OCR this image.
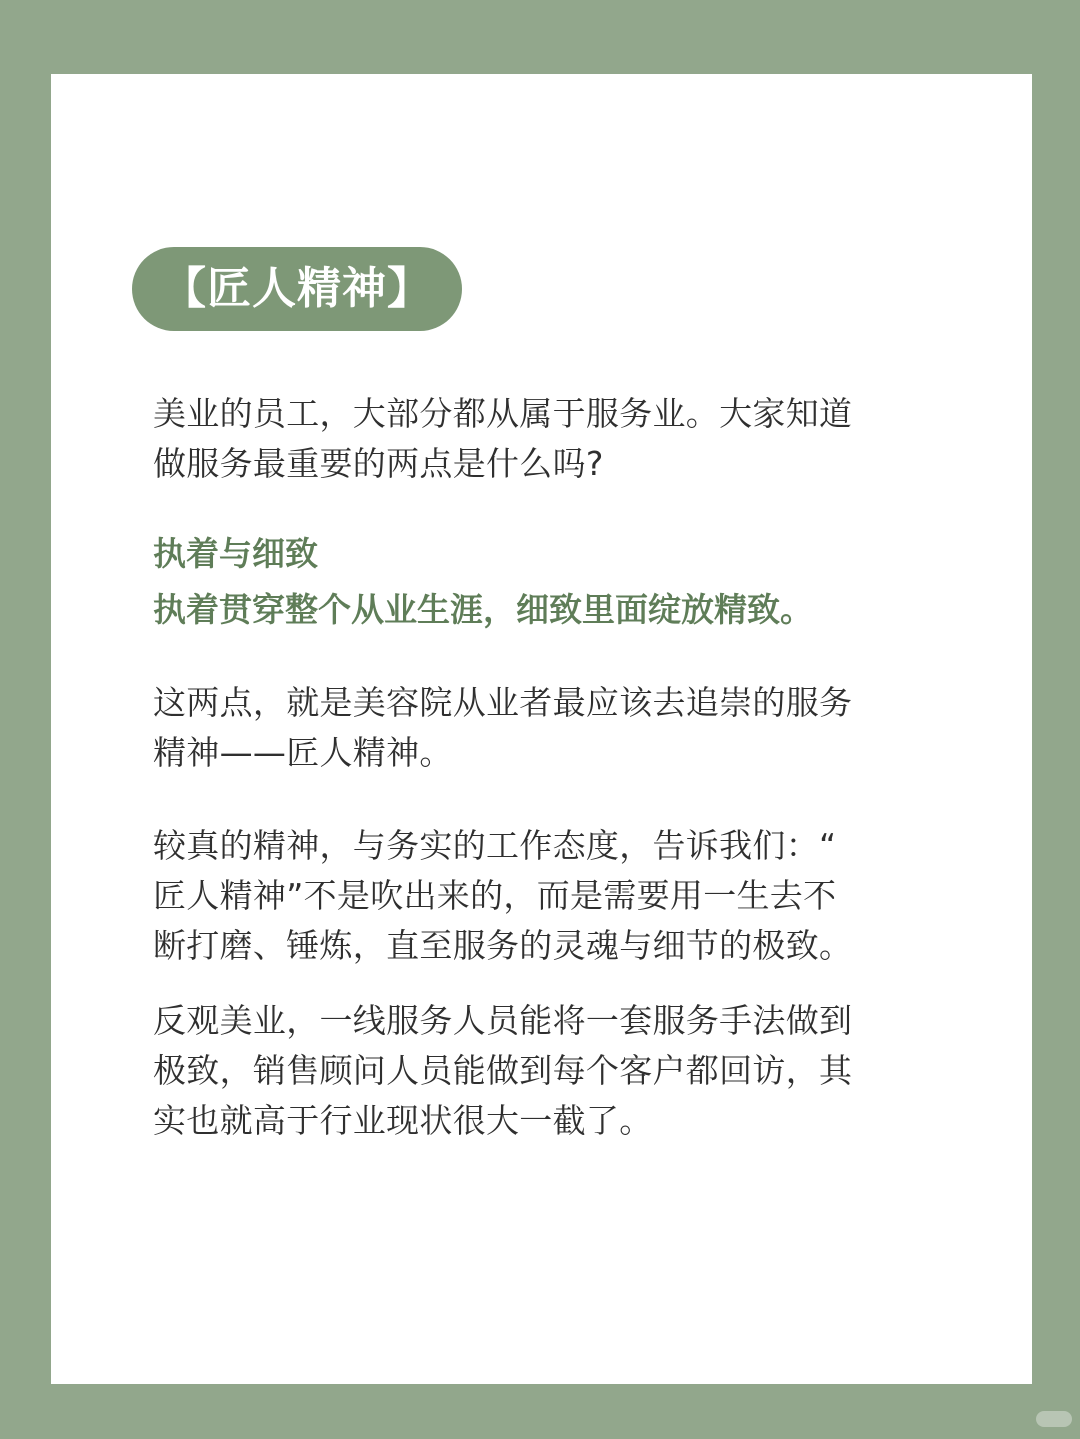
【匠人精神】

美业的员工，大部分都从属于服务业。大家知道
做服务最重要的两点是什么吗?

执着与细致
执着贯穿整个从业生涯，细致里面绽放精致。

这两点，就是美容院从业者最应该去追崇的服务
精神——匠人精神。

较真的精神，与务实的工作态度，告诉我们：“
匠人精神”不是吹出来的，而是需要用一生去不
断打磨、锤炼，直至服务的灵魂与细节的极致。

反观美业，一线服务人员能将一套服务手法做到
极致，销售顾问人员能做到每个客户都回访，其
实也就高于行业现状很大一截了。
